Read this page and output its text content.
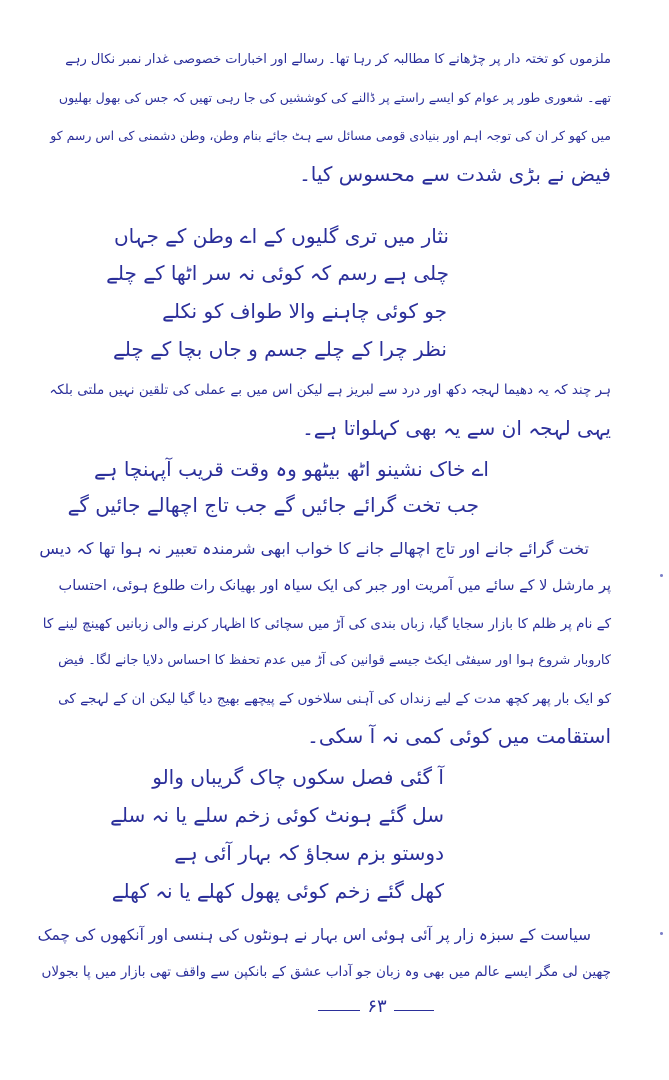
ملزموں کو تختہ دار پر چڑھانے کا مطالبہ کر رہا تھا۔ رسالے اور اخبارات خصوصی غدار نمبر نکال رہے
تھے۔ شعوری طور پر عوام کو ایسے راستے پر ڈالنے کی کوششیں کی جا رہی تھیں کہ جس کی بھول بھلیوں
میں کھو کر ان کی توجہ اہم اور بنیادی قومی مسائل سے ہٹ جائے بنام وطن، وطن دشمنی کی اس رسم کو
فیض نے بڑی شدت سے محسوس کیا۔
نثار میں تری گلیوں کے اے وطن کے جہاں
چلی ہے رسم کہ کوئی نہ سر اٹھا کے چلے
جو کوئی چاہنے والا طواف کو نکلے
نظر چرا کے چلے جسم و جاں بچا کے چلے
ہر چند کہ یہ دھیما لہجہ دکھ اور درد سے لبریز ہے لیکن اس میں بے عملی کی تلقین نہیں ملتی بلکہ
یہی لہجہ ان سے یہ بھی کہلواتا ہے۔
اے خاک نشینو اٹھ بیٹھو وہ وقت قریب آپہنچا ہے
جب تخت گرائے جائیں گے جب تاج اچھالے جائیں گے
تخت گرائے جانے اور تاج اچھالے جانے کا خواب ابھی شرمندہ تعبیر نہ ہوا تھا کہ دیس
پر مارشل لا کے سائے میں آمریت اور جبر کی ایک سیاہ اور بھیانک رات طلوع ہوئی، احتساب
کے نام پر ظلم کا بازار سجایا گیا، زباں بندی کی آڑ میں سچائی کا اظہار کرنے والی زبانیں کھینچ لینے کا
کاروبار شروع ہوا اور سیفٹی ایکٹ جیسے قوانین کی آڑ میں عدم تحفظ کا احساس دلایا جانے لگا۔ فیض
کو ایک بار پھر کچھ مدت کے لیے زنداں کی آہنی سلاخوں کے پیچھے بھیج دیا گیا لیکن ان کے لہجے کی
استقامت میں کوئی کمی نہ آ سکی۔
آ گئی فصل سکوں چاک گریباں والو
سل گئے ہونٹ کوئی زخم سلے یا نہ سلے
دوستو بزم سجاؤ کہ بہار آئی ہے
کھل گئے زخم کوئی پھول کھلے یا نہ کھلے
سیاست کے سبزہ زار پر آئی ہوئی اس بہار نے ہونٹوں کی ہنسی اور آنکھوں کی چمک
چھین لی مگر ایسے عالم میں بھی وہ زبان جو آداب عشق کے بانکپن سے واقف تھی بازار میں پا بجولاں
۶۳
